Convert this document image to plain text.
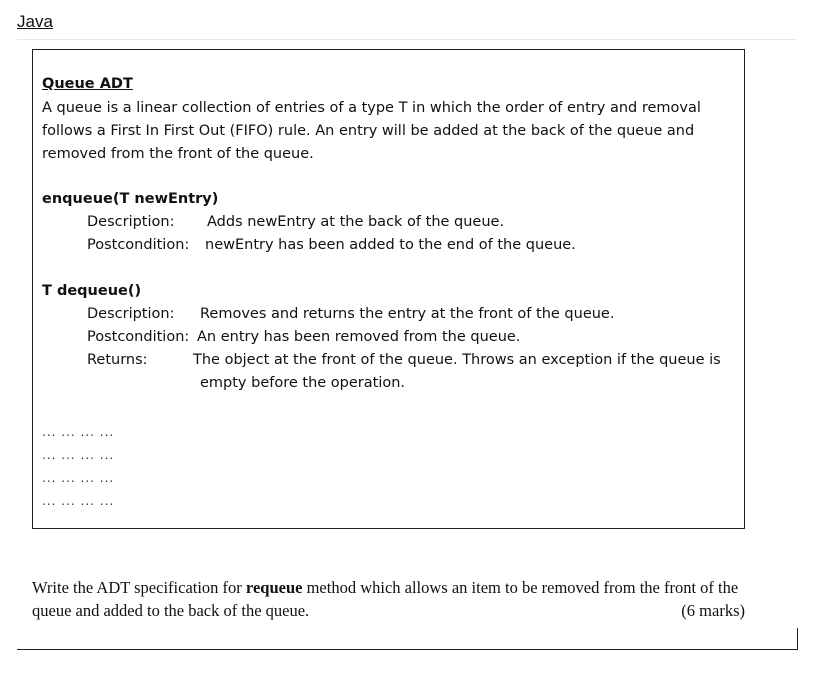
Java
Queue ADT
A queue is a linear collection of entries of a type T in which the order of entry and removal follows a First In First Out (FIFO) rule. An entry will be added at the back of the queue and removed from the front of the queue.
enqueue(T newEntry)
Description: Adds newEntry at the back of the queue.
Postcondition: newEntry has been added to the end of the queue.
T dequeue()
Description: Removes and returns the entry at the front of the queue.
Postcondition: An entry has been removed from the queue.
Returns:	The object at the front of the queue. Throws an exception if the queue is
empty before the operation.
... ... ... ...
... ... ... ...
... ... ... ...
... ... ... ...
Write the ADT specification for requeue method which allows an item to be removed from the front of the queue and added to the back of the queue.	(6 marks)
